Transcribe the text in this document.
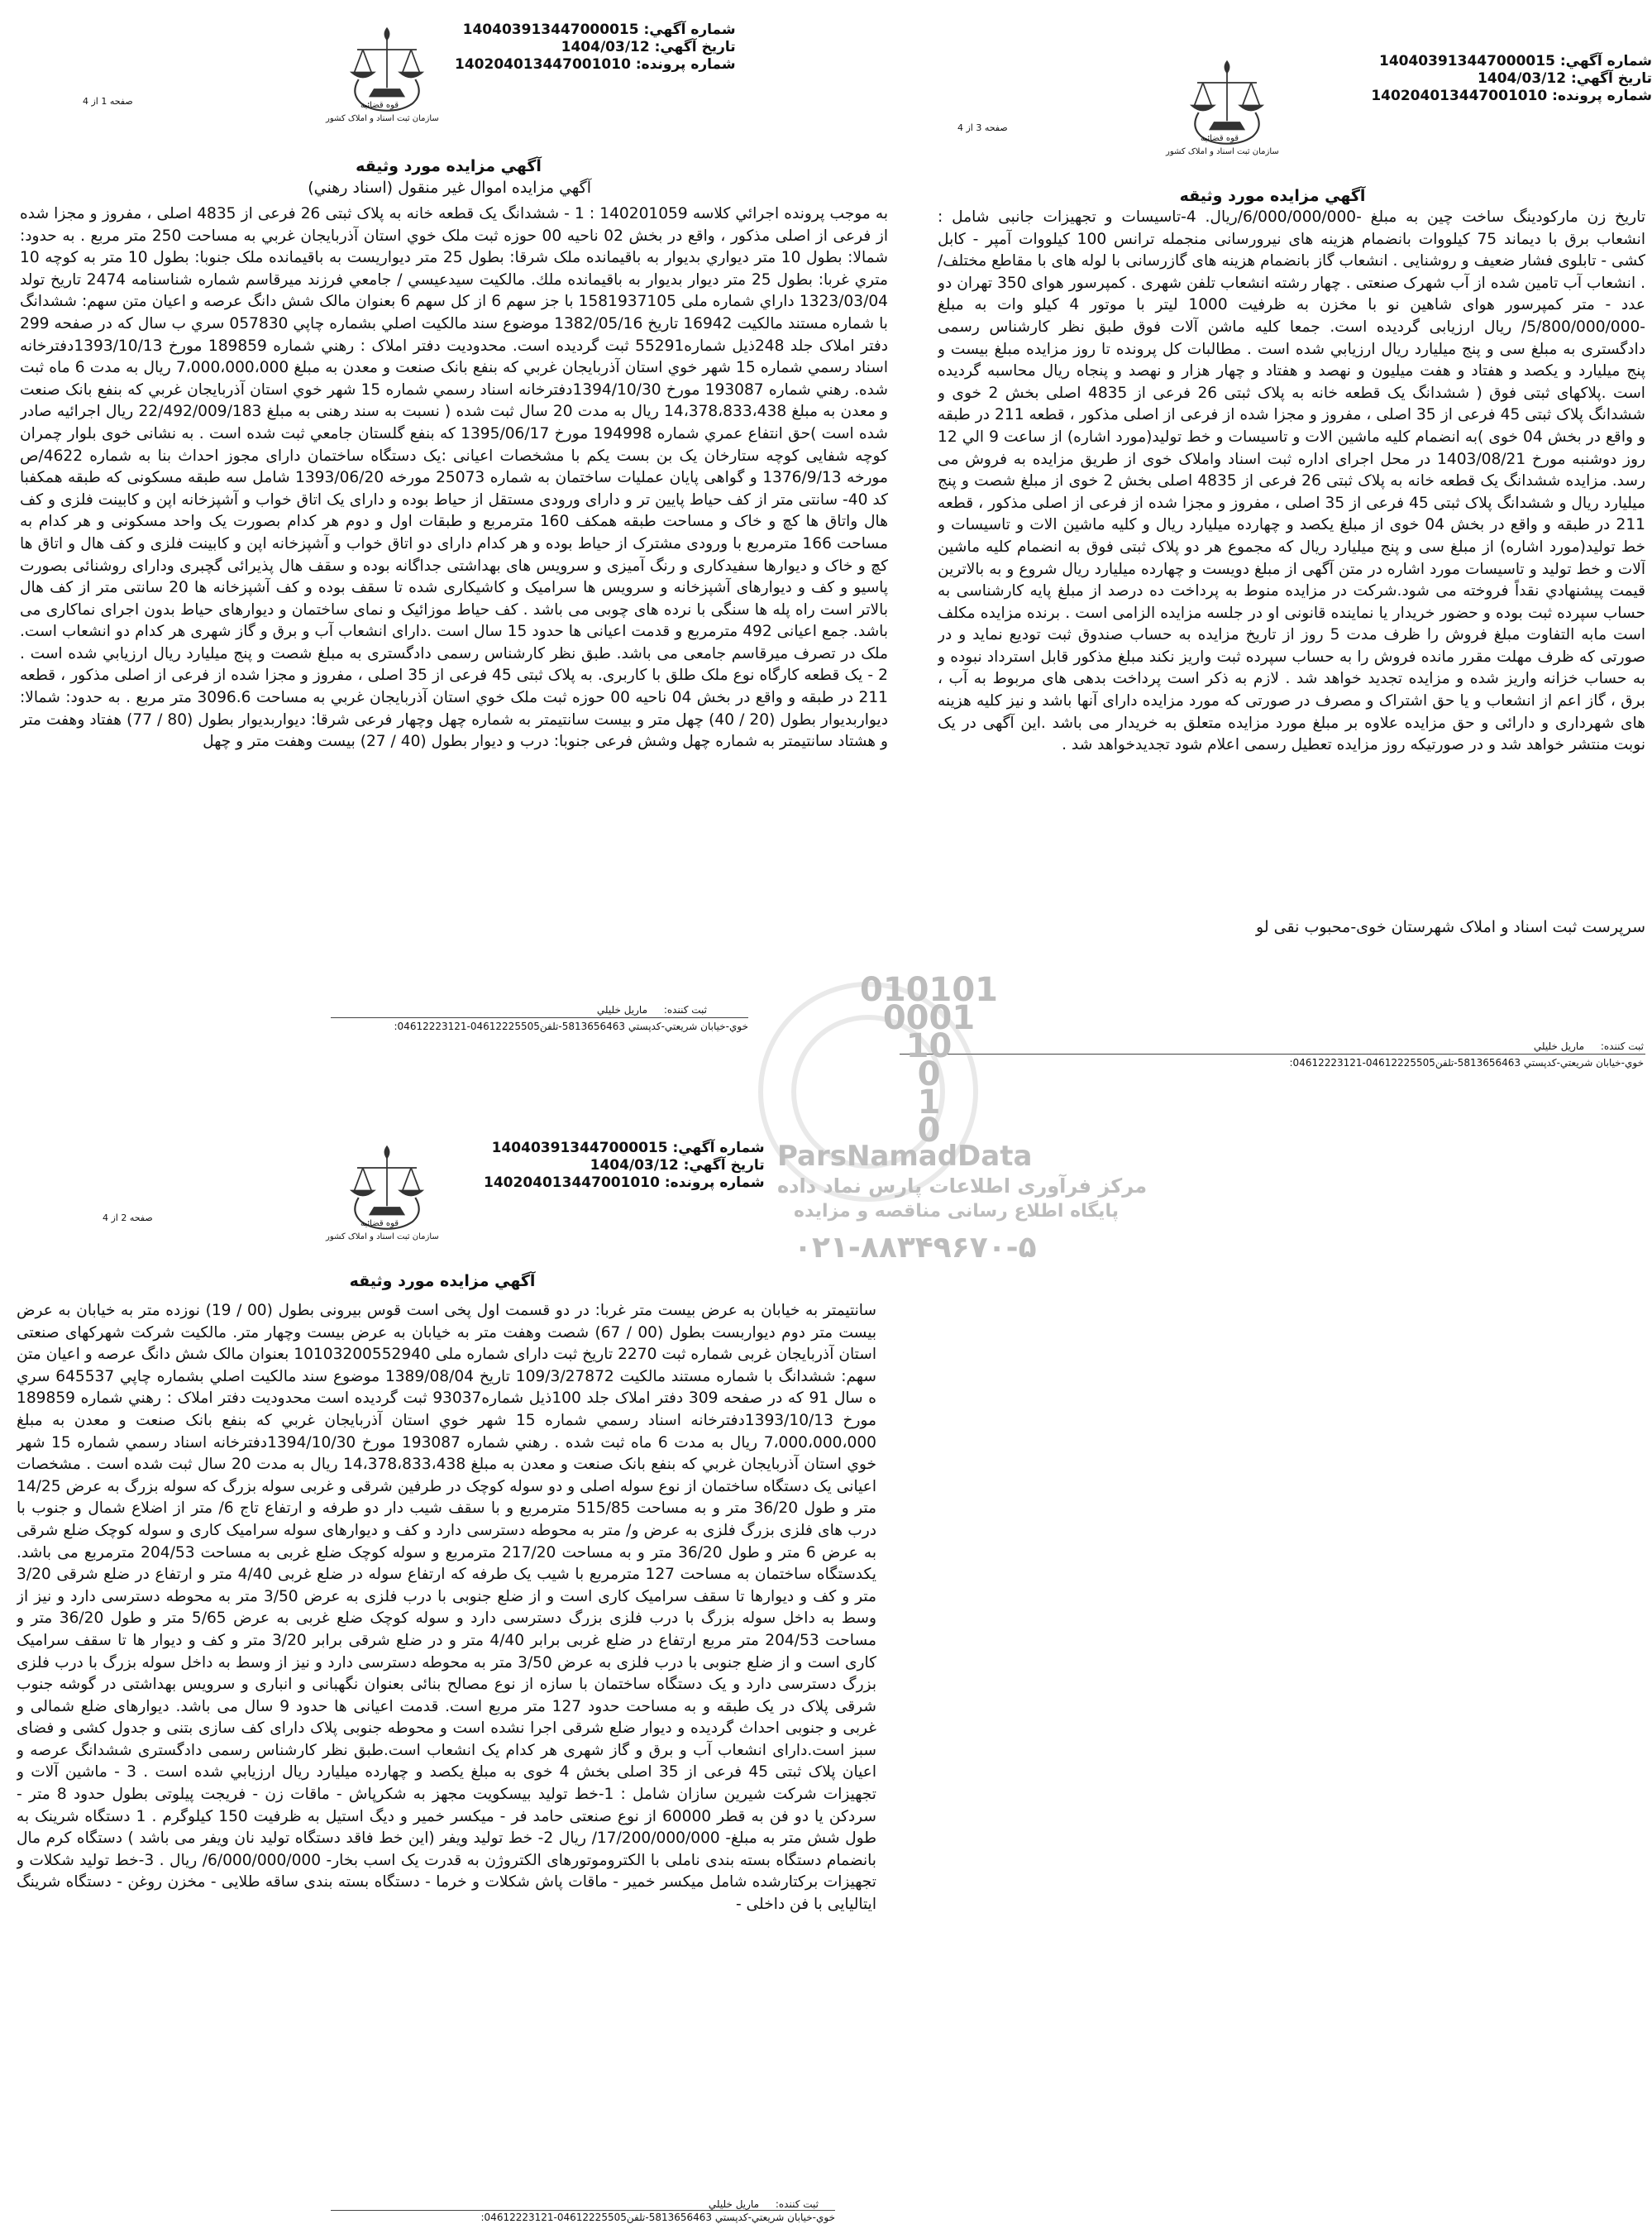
قوه قضائيه
سازمان ثبت اسناد و املاک کشور
شماره آگهي: 140403913447000015
تاريخ آگهي: 1404/03/12
شماره پرونده: 140204013447001010
صفحه 3 از 4
آگهي مزايده مورد وثيقه
تاریخ زن مارکودینگ ساخت چین به مبلغ -6/000/000/000/ريال. 4-تاسیسات و تجهیزات جانبی شامل : انشعاب برق با دیماند 75 کیلووات بانضمام هزینه های نیرورسانی منجمله ترانس 100 کیلووات آمپر - کابل کشی - تابلوی فشار ضعیف و روشنایی . انشعاب گاز بانضمام هزینه های گازرسانی با لوله های با مقاطع مختلف/ . انشعاب آب تامین شده از آب شهرک صنعتی . چهار رشته انشعاب تلفن شهری . کمپرسور هوای 350 تهران دو عدد - متر کمپرسور هوای شاهین نو با مخزن به ظرفیت 1000 لیتر با موتور 4 کیلو وات به مبلغ -5/800/000/000/ ريال ارزیابی گردیده است. جمعا کلیه ماشن آلات فوق طبق نظر کارشناس رسمی دادگستری به مبلغ سی و پنج میلیارد ريال ارزيابي شده است . مطالبات کل پرونده تا روز مزایده مبلغ بیست و پنج میلیارد و یکصد و هفتاد و هفت میلیون و نهصد و هفتاد و چهار هزار و نهصد و پنجاه ريال محاسبه گرديده است .پلاکهای ثبتی فوق ( ششدانگ یک قطعه خانه به پلاک ثبتی 26 فرعی از 4835 اصلی بخش 2 خوی و ششدانگ پلاک ثبتی 45 فرعی از 35 اصلی ، مفروز و مجزا شده از فرعی از اصلی مذکور ، قطعه 211 در طبقه و واقع در بخش 04 خوی )به انضمام کلیه ماشین الات و تاسیسات و خط تولید(مورد اشاره) از ساعت 9 الي 12 روز دوشنبه مورخ 1403/08/21 در محل اجرای اداره ثبت اسناد واملاک خوی از طریق مزایده به فروش می رسد. مزایده ششدانگ یک قطعه خانه به پلاک ثبتی 26 فرعی از 4835 اصلی بخش 2 خوی از مبلغ شصت و پنج میلیارد ريال و ششدانگ پلاک ثبتی 45 فرعی از 35 اصلی ، مفروز و مجزا شده از فرعی از اصلی مذکور ، قطعه 211 در طبقه و واقع در بخش 04 خوی از مبلغ یکصد و چهارده میلیارد ريال و کلیه ماشین الات و تاسیسات و خط تولید(مورد اشاره) از مبلغ سی و پنج میلیارد ريال که مجموع هر دو پلاک ثبتی فوق به انضمام کلیه ماشین آلات و خط تولید و تاسیسات مورد اشاره در متن آگهی از مبلغ دویست و چهارده میلیارد ريال شروع و به بالاترین قیمت پیشنهادي نقداً فروخته می شود.شرکت در مزایده منوط به پرداخت ده درصد از مبلغ پایه کارشناسی به حساب سپرده ثبت بوده و حضور خریدار یا نماینده قانونی او در جلسه مزایده الزامی است . برنده مزایده مکلف است مابه التفاوت مبلغ فروش را ظرف مدت 5 روز از تاریخ مزایده به حساب صندوق ثبت تودیع نماید و در صورتی که ظرف مهلت مقرر مانده فروش را به حساب سپرده ثبت واریز نکند مبلغ مذکور قابل استرداد نبوده و به حساب خزانه واریز شده و مزایده تجدید خواهد شد . لازم به ذکر است پرداخت بدهی های مربوط به آب ، برق ، گاز اعم از انشعاب و یا حق اشتراک و مصرف در صورتی که مورد مزایده دارای آنها باشد و نیز کلیه هزینه های شهرداری و دارائی و حق مزایده علاوه بر مبلغ مورد مزایده متعلق به خریدار می باشد .این آگهی در یک نوبت منتشر خواهد شد و در صورتیکه روز مزایده تعطیل رسمی اعلام شود تجدیدخواهد شد .
سرپرست ثبت اسناد و املاک شهرستان خوی-محبوب نقی لو
ثبت کننده: ماريل خليلي
خوي-خيابان شريعتي-كدپستي 5813656463-تلفن04612225505-04612223121:
قوه قضائيه
سازمان ثبت اسناد و املاک کشور
شماره آگهي: 140403913447000015
تاريخ آگهي: 1404/03/12
شماره پرونده: 140204013447001010
صفحه 1 از 4
آگهي مزايده مورد وثيقه
آگهي مزايده اموال غير منقول (اسناد رهني)
به موجب پرونده اجرائي كلاسه 140201059 : 1 - ششدانگ يک قطعه خانه به پلاک ثبتی 26 فرعی از 4835 اصلی ، مفروز و مجزا شده از فرعی از اصلی مذکور ، واقع در بخش 02 ناحيه 00 حوزه ثبت ملک خوي استان آذربايجان غربي به مساحت 250 متر مربع . به حدود: شمالا: بطول 10 متر ديواري بديوار به باقيمانده ملک شرقا: بطول 25 متر ديواريست به باقيمانده ملک جنوبا: بطول 10 متر به كوچه 10 متري غربا: بطول 25 متر ديوار بديوار به باقيمانده ملك. مالكيت سيدعيسي / جامعي فرزند ميرقاسم شماره شناسنامه 2474 تاريخ تولد 1323/03/04 داراي شماره ملی 1581937105 با جز سهم 6 از كل سهم 6 بعنوان مالک شش دانگ عرصه و اعيان متن سهم: ششدانگ با شماره مستند مالكيت 16942 تاريخ 1382/05/16 موضوع سند مالكيت اصلي بشماره چاپي 057830 سري ب سال که در صفحه 299 دفتر املاک جلد 248ذيل شماره55291 ثبت گرديده است. محدوديت دفتر املاک : رهني شماره 189859 مورخ 1393/10/13دفترخانه اسناد رسمي شماره 15 شهر خوي استان آذربايجان غربي كه بنفع بانک صنعت و معدن به مبلغ 7،000،000،000 ريال به مدت 6 ماه ثبت شده. رهني شماره 193087 مورخ 1394/10/30دفترخانه اسناد رسمي شماره 15 شهر خوي استان آذربايجان غربي كه بنفع بانک صنعت و معدن به مبلغ 14،378،833،438 ريال به مدت 20 سال ثبت شده ( نسبت به سند رهنی به مبلغ 22/492/009/183 ريال اجرائيه صادر شده است )حق انتفاع عمري شماره 194998 مورخ 1395/06/17 كه بنفع گلستان جامعي ثبت شده است . به نشانی خوی بلوار چمران کوچه شفایی کوچه ستارخان یک بن بست یکم با مشخصات اعيانی :يک دستگاه ساختمان دارای مجوز احداث بنا به شماره 4622/ص مورخه 1376/9/13 و گواهی پایان عملیات ساختمان به شماره 25073 مورخه 1393/06/20 شامل سه طبقه مسکونی که طبقه همکفبا کد 40- سانتی متر از کف حیاط پایین تر و دارای ورودی مستقل از حیاط بوده و دارای یک اتاق خواب و آشپزخانه اپن و کابینت فلزی و کف هال واتاق ها کچ و خاک و مساحت طبقه همکف 160 مترمربع و طبقات اول و دوم هر کدام بصورت یک واحد مسکونی و هر کدام به مساحت 166 مترمربع با ورودی مشترک از حیاط بوده و هر کدام دارای دو اتاق خواب و آشپزخانه اپن و کابینت فلزی و کف هال و اتاق ها کچ و خاک و دیوارها سفیدکاری و رنگ آمیزی و سرویس های بهداشتی جداگانه بوده و سقف هال پذیرائی گچبری ودارای روشنائی بصورت پاسیو و کف و دیوارهای آشپزخانه و سرویس ها سرامیک و کاشیکاری شده تا سقف بوده و کف آشپزخانه ها 20 سانتی متر از کف هال بالاتر است راه پله ها سنگی با نرده های چوبی می باشد . کف حیاط موزائیک و نمای ساختمان و دیوارهای حیاط بدون اجرای نماکاری می باشد. جمع اعیانی 492 مترمربع و قدمت اعیانی ها حدود 15 سال است .دارای انشعاب آب و برق و گاز شهری هر کدام دو انشعاب است. ملک در تصرف میرقاسم جامعی می باشد. طبق نظر کارشناس رسمی دادگستری به مبلغ شصت و پنج میلیارد ريال ارزيابي شده است . 2 - یک قطعه کارگاه نوع ملک طلق با کاربری. به پلاک ثبتی 45 فرعی از 35 اصلی ، مفروز و مجزا شده از فرعی از اصلی مذکور ، قطعه 211 در طبقه و واقع در بخش 04 ناحیه 00 حوزه ثبت ملک خوي استان آذربايجان غربي به مساحت 3096.6 متر مربع . به حدود: شمالا: ديواربديوار بطول (20 / 40) چهل متر و بیست سانتیمتر به شماره چهل وچهار فرعی شرقا: ديواربديوار بطول (80 / 77) هفتاد وهفت متر و هشتاد سانتیمتر به شماره چهل وشش فرعی جنوبا: درب و ديوار بطول (40 / 27) بیست وهفت متر و چهل
ثبت کننده: ماريل خليلي
خوي-خيابان شريعتي-كدپستي 5813656463-تلفن04612225505-04612223121:
010101
0001
10
0
1
0
ParsNamadData
مرکز فرآوری اطلاعات پارس نماد داده
پایگاه اطلاع رسانی مناقصه و مزایده
۰۲۱-۸۸۳۴۹۶۷۰-۵
قوه قضائيه
سازمان ثبت اسناد و املاک کشور
شماره آگهي: 140403913447000015
تاريخ آگهي: 1404/03/12
شماره پرونده: 140204013447001010
صفحه 2 از 4
آگهي مزايده مورد وثيقه
سانتیمتر به خیابان به عرض بیست متر غربا: در دو قسمت اول پخی است قوس بیرونی بطول (00 / 19) نوزده متر به خیابان به عرض بیست متر دوم دیواربست بطول (00 / 67) شصت وهفت متر به خیابان به عرض بیست وچهار متر. مالکیت شرکت شهرکهای صنعتی استان آذربایجان غربی شماره ثبت 2270 تاریخ ثبت دارای شماره ملی 10103200552940 بعنوان مالک شش دانگ عرصه و اعيان متن سهم: ششدانگ با شماره مستند مالكيت 109/3/27872 تاريخ 1389/08/04 موضوع سند مالكيت اصلي بشماره چاپي 645537 سري ه سال 91 كه در صفحه 309 دفتر املاک جلد 100ذيل شماره93037 ثبت گرديده است محدوديت دفتر املاک : رهني شماره 189859 مورخ 1393/10/13دفترخانه اسناد رسمي شماره 15 شهر خوي استان آذربايجان غربي كه بنفع بانک صنعت و معدن به مبلغ 7،000،000،000 ريال به مدت 6 ماه ثبت شده . رهني شماره 193087 مورخ 1394/10/30دفترخانه اسناد رسمي شماره 15 شهر خوي استان آذربايجان غربي كه بنفع بانک صنعت و معدن به مبلغ 14،378،833،438 ريال به مدت 20 سال ثبت شده است . مشخصات اعيانی يک دستگاه ساختمان از نوع سوله اصلی و دو سوله کوچک در طرفین شرقی و غربی سوله بزرگ که سوله بزرگ به عرض 14/25 متر و طول 36/20 متر و به مساحت 515/85 مترمربع و با سقف شیب دار دو طرفه و ارتفاع تاج 6/ متر از اضلاع شمال و جنوب با درب های فلزی بزرگ فلزی به عرض و/ متر به محوطه دسترسی دارد و کف و دیوارهای سوله سرامیک کاری و سوله کوچک ضلع شرقی به عرض 6 متر و طول 36/20 متر و به مساحت 217/20 مترمربع و سوله کوچک ضلع غربی به مساحت 204/53 مترمربع می باشد. یکدستگاه ساختمان به مساحت 127 مترمربع با شیب یک طرفه که ارتفاع سوله در ضلع غربی 4/40 متر و ارتفاع در ضلع شرقی 3/20 متر و کف و دیوارها تا سقف سرامیک کاری است و از ضلع جنوبی با درب فلزی به عرض 3/50 متر به محوطه دسترسی دارد و نیز از وسط به داخل سوله بزرگ با درب فلزی بزرگ دسترسی دارد و سوله کوچک ضلع غربی به عرض 5/65 متر و طول 36/20 متر و مساحت 204/53 متر مربع ارتفاع در ضلع غربی برابر 4/40 متر و در ضلع شرقی برابر 3/20 متر و کف و دیوار ها تا سقف سرامیک کاری است و از ضلع جنوبی با درب فلزی به عرض 3/50 متر به محوطه دسترسی دارد و نیز از وسط به داخل سوله بزرگ با درب فلزی بزرگ دسترسی دارد و یک دستگاه ساختمان با سازه از نوع مصالح بنائی بعنوان نگهبانی و انباری و سرویس بهداشتی در گوشه جنوب شرقی پلاک در یک طبقه و به مساحت حدود 127 متر مربع است. قدمت اعیانی ها حدود 9 سال می باشد. دیوارهای ضلع شمالی و غربی و جنوبی احداث گردیده و دیوار ضلع شرقی اجرا نشده است و محوطه جنوبی پلاک دارای کف سازی بتنی و جدول کشی و فضای سبز است.دارای انشعاب آب و برق و گاز شهری هر کدام یک انشعاب است.طبق نظر کارشناس رسمی دادگستری ششدانگ عرصه و اعیان پلاک ثبتی 45 فرعی از 35 اصلی بخش 4 خوی به مبلغ یکصد و چهارده میلیارد ريال ارزيابي شده است . 3 - ماشین آلات و تجهیزات شرکت شیرین سازان شامل : 1-خط تولید بیسکویت مجهز به شکرپاش - ماقات زن - فریجت پیلوتی بطول حدود 8 متر - سردکن یا دو فن به قطر 60000 از نوع صنعتی حامد فر - میکسر خمیر و دیگ استیل به ظرفیت 150 کیلوگرم . 1 دستگاه شرینک به طول شش متر به مبلغ- 17/200/000/000/ ريال 2- خط تولید ویفر (این خط فاقد دستگاه تولید نان ویفر می باشد ) دستگاه کرم مال بانضمام دستگاه بسته بندی ناملی با الکتروموتورهای الکتروژن به قدرت یک اسب بخار- 6/000/000/000/ ريال . 3-خط تولید شکلات و تجهیزات برکتارشده شامل میکسر خمیر - ماقات پاش شکلات و خرما - دستگاه بسته بندی ساقه طلایی - مخزن روغن - دستگاه شرینگ ایتالیایی با فن داخلی -
ثبت کننده: ماريل خليلي
خوي-خيابان شريعتي-كدپستي 5813656463-تلفن04612225505-04612223121:
